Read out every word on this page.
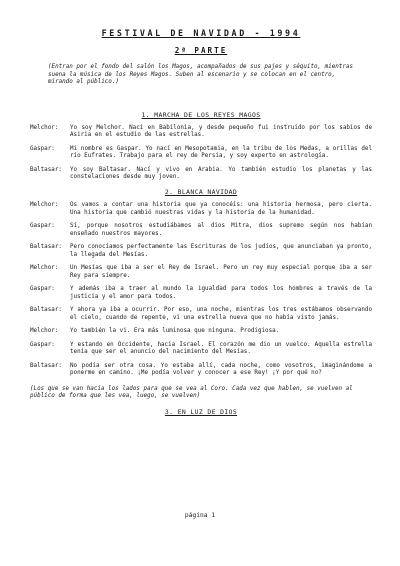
FESTIVAL DE NAVIDAD - 1994
2ª PARTE
(Entran por el fondo del salón los Magos, acompañados de sus pajes y séquito, mientras suena la música de los Reyes Magos. Suben al escenario y se colocan en el centro, mirando al público.)
1. MARCHA DE LOS REYES MAGOS
Melchor:	Yo soy Melchor. Nací en Babilonia, y desde pequeño fui instruido por los sabios de Asiria en el estudio de las estrellas.
Gaspar:	Mi nombre es Gaspar. Yo nací en Mesopotamia, en la tribu de los Medas, a orillas del río Eufrates. Trabajo para el rey de Persia, y soy experto en astrología.
Baltasar:	Yo soy Baltasar. Nací y vivo en Arabia. Yo también estudio los planetas y las constelaciones desde muy joven.
2. BLANCA NAVIDAD
Melchor:	Os vamos a contar una historia que ya conocéis: una historia hermosa, pero cierta. Una historia que cambió nuestras vidas y la historia de la humanidad.
Gaspar:	Sí, porque nosotros estudiábamos al dios Mitra, dios supremo según nos habían enseñado nuestros mayores.
Baltasar:	Pero conocíamos perfectamente las Escrituras de los judíos, que anunciaban ya pronto, la llegada del Mesías.
Melchor:	Un Mesías que iba a ser el Rey de Israel. Pero un rey muy especial porque iba a ser Rey para siempre.
Gaspar:	Y además iba a traer al mundo la igualdad para todos los hombres a través de la justicia y el amor para todos.
Baltasar:	Y ahora ya iba a ocurrir. Por eso, una noche, mientras los tres estábamos observando el cielo, cuando de repente, vi una estrella nueva que no había visto jamás.
Melchor:	Yo también la vi. Era más luminosa que ninguna. Prodigiosa.
Gaspar:	Y estando en Occidente, hacia Israel. El corazón me dio un vuelco. Aquella estrella tenía que ser el anuncio del nacimiento del Mesías.
Baltasar:	No podía ser otra cosa. Yo estaba allí, cada noche, como vosotros, imaginándome a ponerme en camino. ¡Me podía volver y conocer a ese Rey! ¡Y por qué no?
(Los que se van hacia los lados para que se vea al Coro. Cada vez que hablen, se vuelven al público de forma que les vea, luego, se vuelven)
3. EN LUZ DE DIOS
página 1
